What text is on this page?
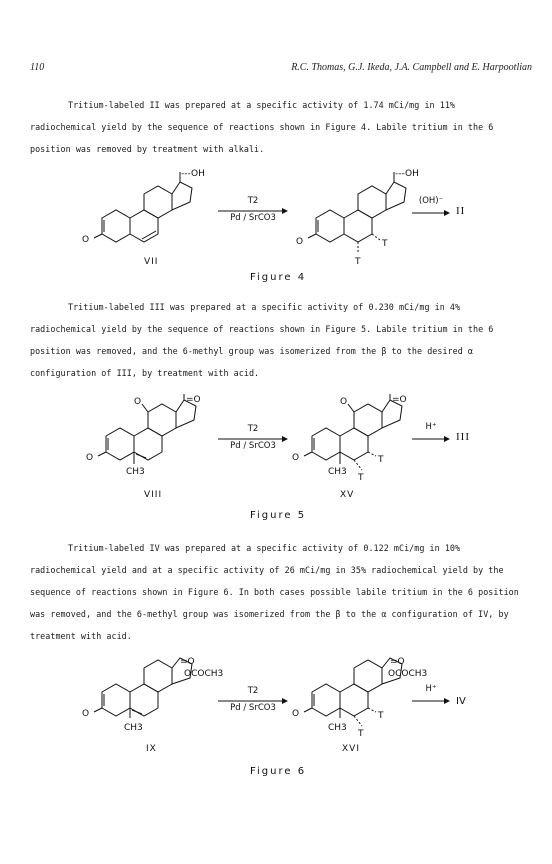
110	R.C. Thomas, G.J. Ikeda, J.A. Campbell and E. Harpootlian
Tritium-labeled II was prepared at a specific activity of 1.74 mCi/mg in 11% radiochemical yield by the sequence of reactions shown in Figure 4. Labile tritium in the 6 position was removed by treatment with alkali.
O
---OH
T2
Pd / SrCO3
O
---OH
T
T
(OH)⁻
II
VII
Figure 4
Tritium-labeled III was prepared at a specific activity of 0.230 mCi/mg in 4% radiochemical yield by the sequence of reactions shown in Figure 5. Labile tritium in the 6 position was removed, and the 6-methyl group was isomerized from the β to the desired α configuration of III, by treatment with acid.
O
O	=O
CH3
T2
Pd / SrCO3
O
O	=O
CH3
T
T
H⁺
III
VIII	XV
Figure 5
Tritium-labeled IV was prepared at a specific activity of 0.122 mCi/mg in 10% radiochemical yield and at a specific activity of 26 mCi/mg in 35% radiochemical yield by the sequence of reactions shown in Figure 6. In both cases possible labile tritium in the 6 position was removed, and the 6-methyl group was isomerized from the β to the α configuration of IV, by treatment with acid.
O
=O
OCOCH3
CH3
T2
Pd / SrCO3
O
=O
OCOCH3
CH3
T
T
H⁺
IV
IX	XVI
Figure 6
